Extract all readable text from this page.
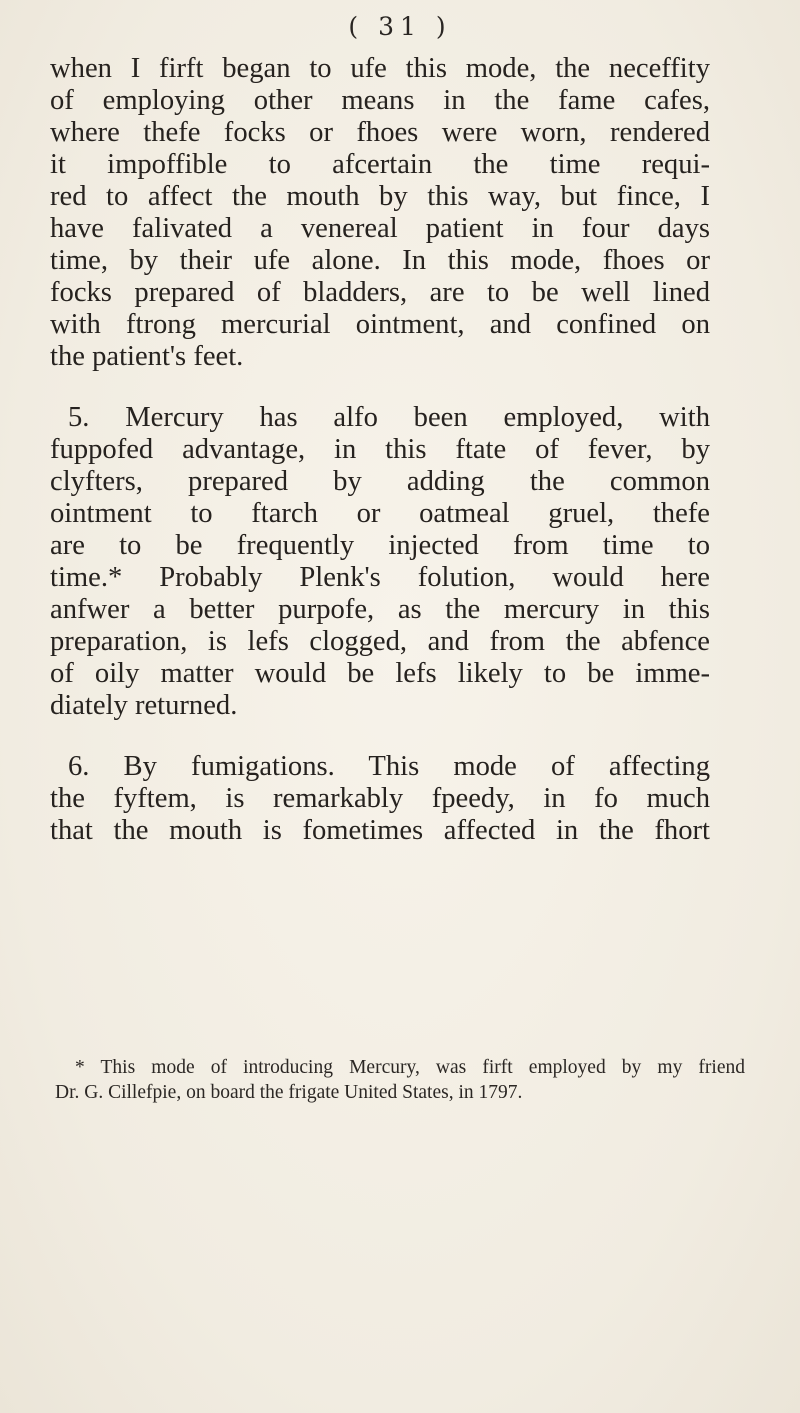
( 31 )
when I firft began to ufe this mode, the neceffity
of employing other means in the fame cafes,
where thefe focks or fhoes were worn, rendered
it impoffible to afcertain the time requi-
red to affect the mouth by this way, but fince, I
have falivated a venereal patient in four days
time, by their ufe alone. In this mode, fhoes or
focks prepared of bladders, are to be well lined
with ftrong mercurial ointment, and confined on
the patient's feet.
5. Mercury has alfo been employed, with
fuppofed advantage, in this ftate of fever, by
clyfters, prepared by adding the common
ointment to ftarch or oatmeal gruel, thefe
are to be frequently injected from time to
time.* Probably Plenk's folution, would here
anfwer a better purpofe, as the mercury in this
preparation, is lefs clogged, and from the abfence
of oily matter would be lefs likely to be imme-
diately returned.
6. By fumigations. This mode of affecting
the fyftem, is remarkably fpeedy, in fo much
that the mouth is fometimes affected in the fhort
* This mode of introducing Mercury, was firft employed by my friend
Dr. G. Cillefpie, on board the frigate United States, in 1797.
